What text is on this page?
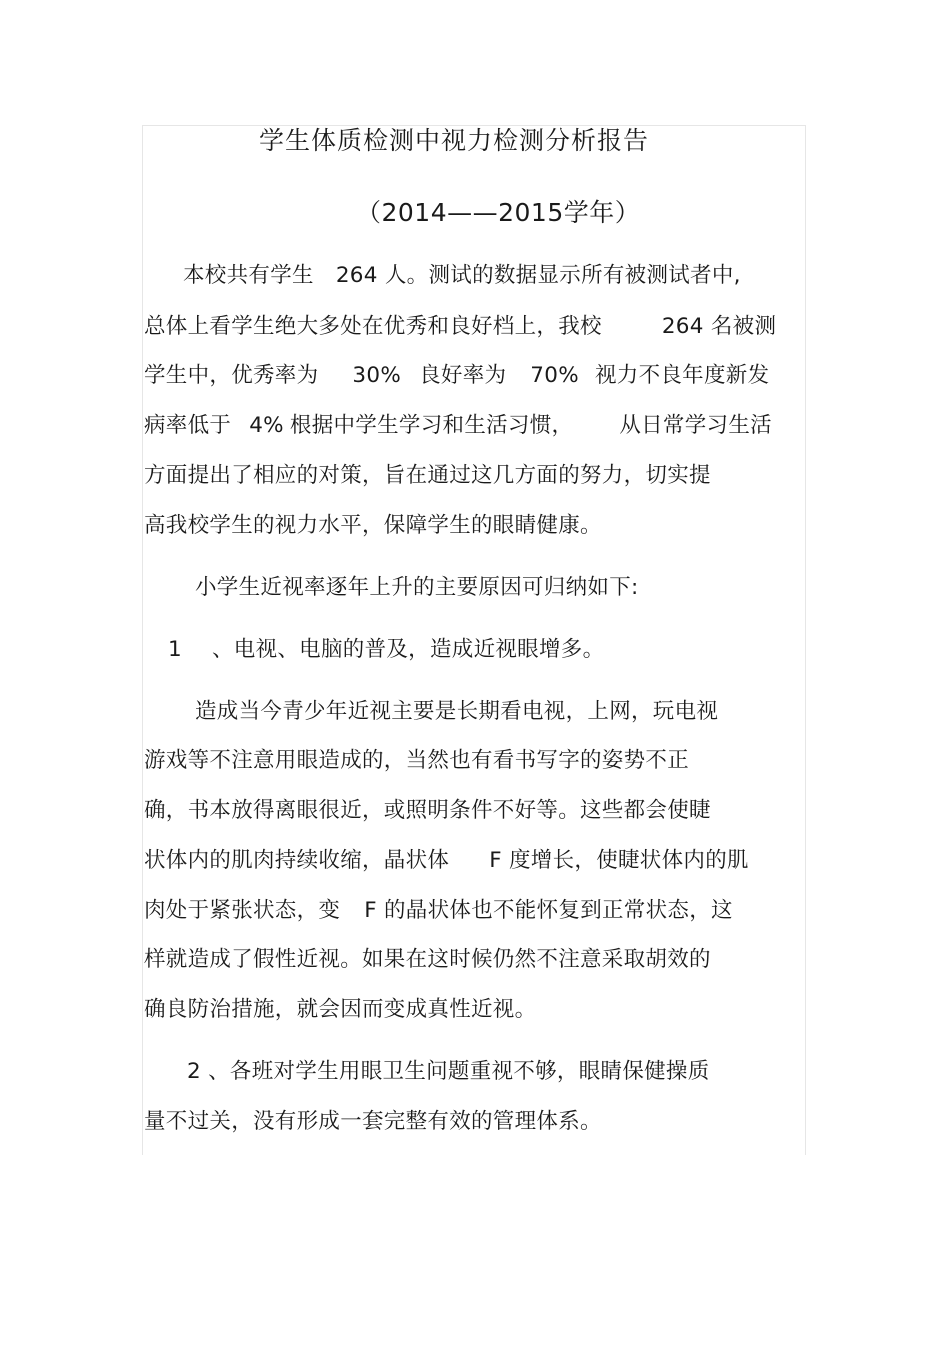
学生体质检测中视力检测分析报告
（2014——2015学年）
本校共有学生 264 人。测试的数据显示所有被测试者中,
总体上看学生绝大多处在优秀和良好档上，我校	264 名被测
学生中，优秀率为 30% 良好率为 70% 视力不良年度新发
病率低于 4% 根据中学生学习和生活习惯， 从日常学习生活
方面提出了相应的对策，旨在通过这几方面的努力，切实提
高我校学生的视力水平，保障学生的眼睛健康。
小学生近视率逐年上升的主要原因可归纳如下:
1 、电视、电脑的普及，造成近视眼增多。
造成当今青少年近视主要是长期看电视，上网，玩电视
游戏等不注意用眼造成的，当然也有看书写字的姿势不正
确，书本放得离眼很近，或照明条件不好等。这些都会使睫
状体内的肌肉持续收缩，晶状体 F 度增长，使睫状体内的肌
肉处于紧张状态，变 F 的晶状体也不能怀复到正常状态，这
样就造成了假性近视。如果在这时候仍然不注意采取胡效的
确良防治措施，就会因而变成真性近视。
2 、各班对学生用眼卫生问题重视不够，眼睛保健操质
量不过关，没有形成一套完整有效的管理体系。
